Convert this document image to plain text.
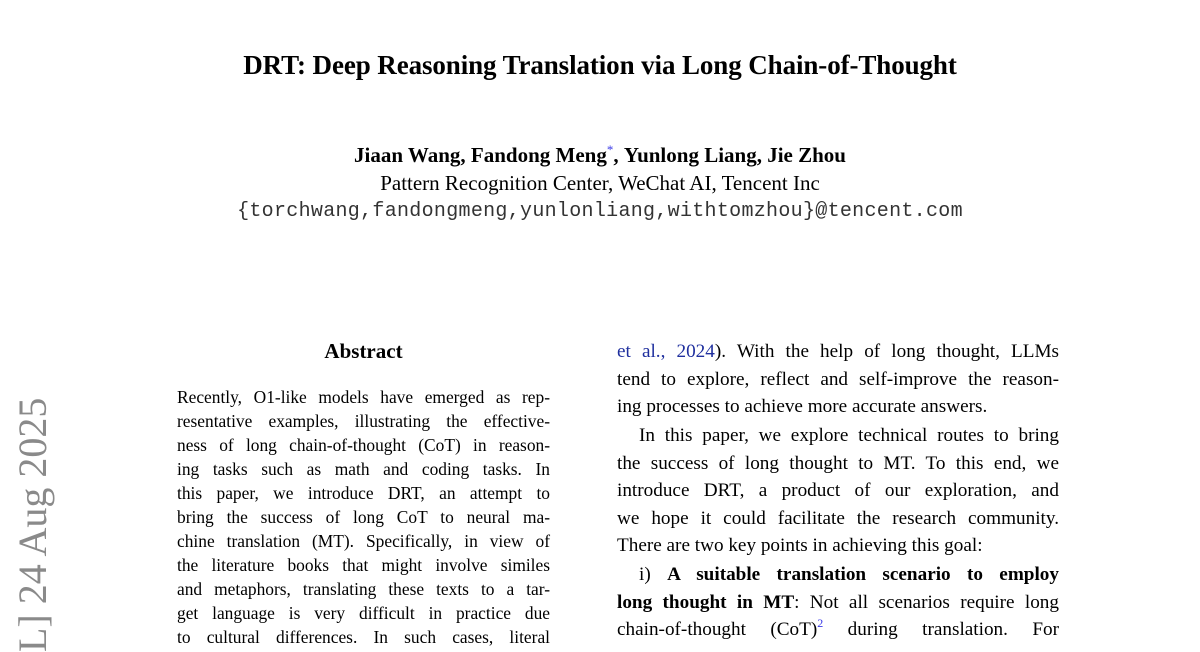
DRT: Deep Reasoning Translation via Long Chain-of-Thought
Jiaan Wang, Fandong Meng*, Yunlong Liang, Jie Zhou
Pattern Recognition Center, WeChat AI, Tencent Inc
{torchwang,fandongmeng,yunlonliang,withtomzhou}@tencent.com
L] 24 Aug 2025
Abstract
Recently, O1-like models have emerged as rep-
resentative examples, illustrating the effective-
ness of long chain-of-thought (CoT) in reason-
ing tasks such as math and coding tasks. In
this paper, we introduce DRT, an attempt to
bring the success of long CoT to neural ma-
chine translation (MT). Specifically, in view of
the literature books that might involve similes
and metaphors, translating these texts to a tar-
get language is very difficult in practice due
to cultural differences. In such cases, literal
et al., 2024). With the help of long thought, LLMs
tend to explore, reflect and self-improve the reason-
ing processes to achieve more accurate answers.
In this paper, we explore technical routes to bring
the success of long thought to MT. To this end, we
introduce DRT, a product of our exploration, and
we hope it could facilitate the research community.
There are two key points in achieving this goal:
i) A suitable translation scenario to employ
long thought in MT: Not all scenarios require long
chain-of-thought (CoT)$^2$ during translation. For
